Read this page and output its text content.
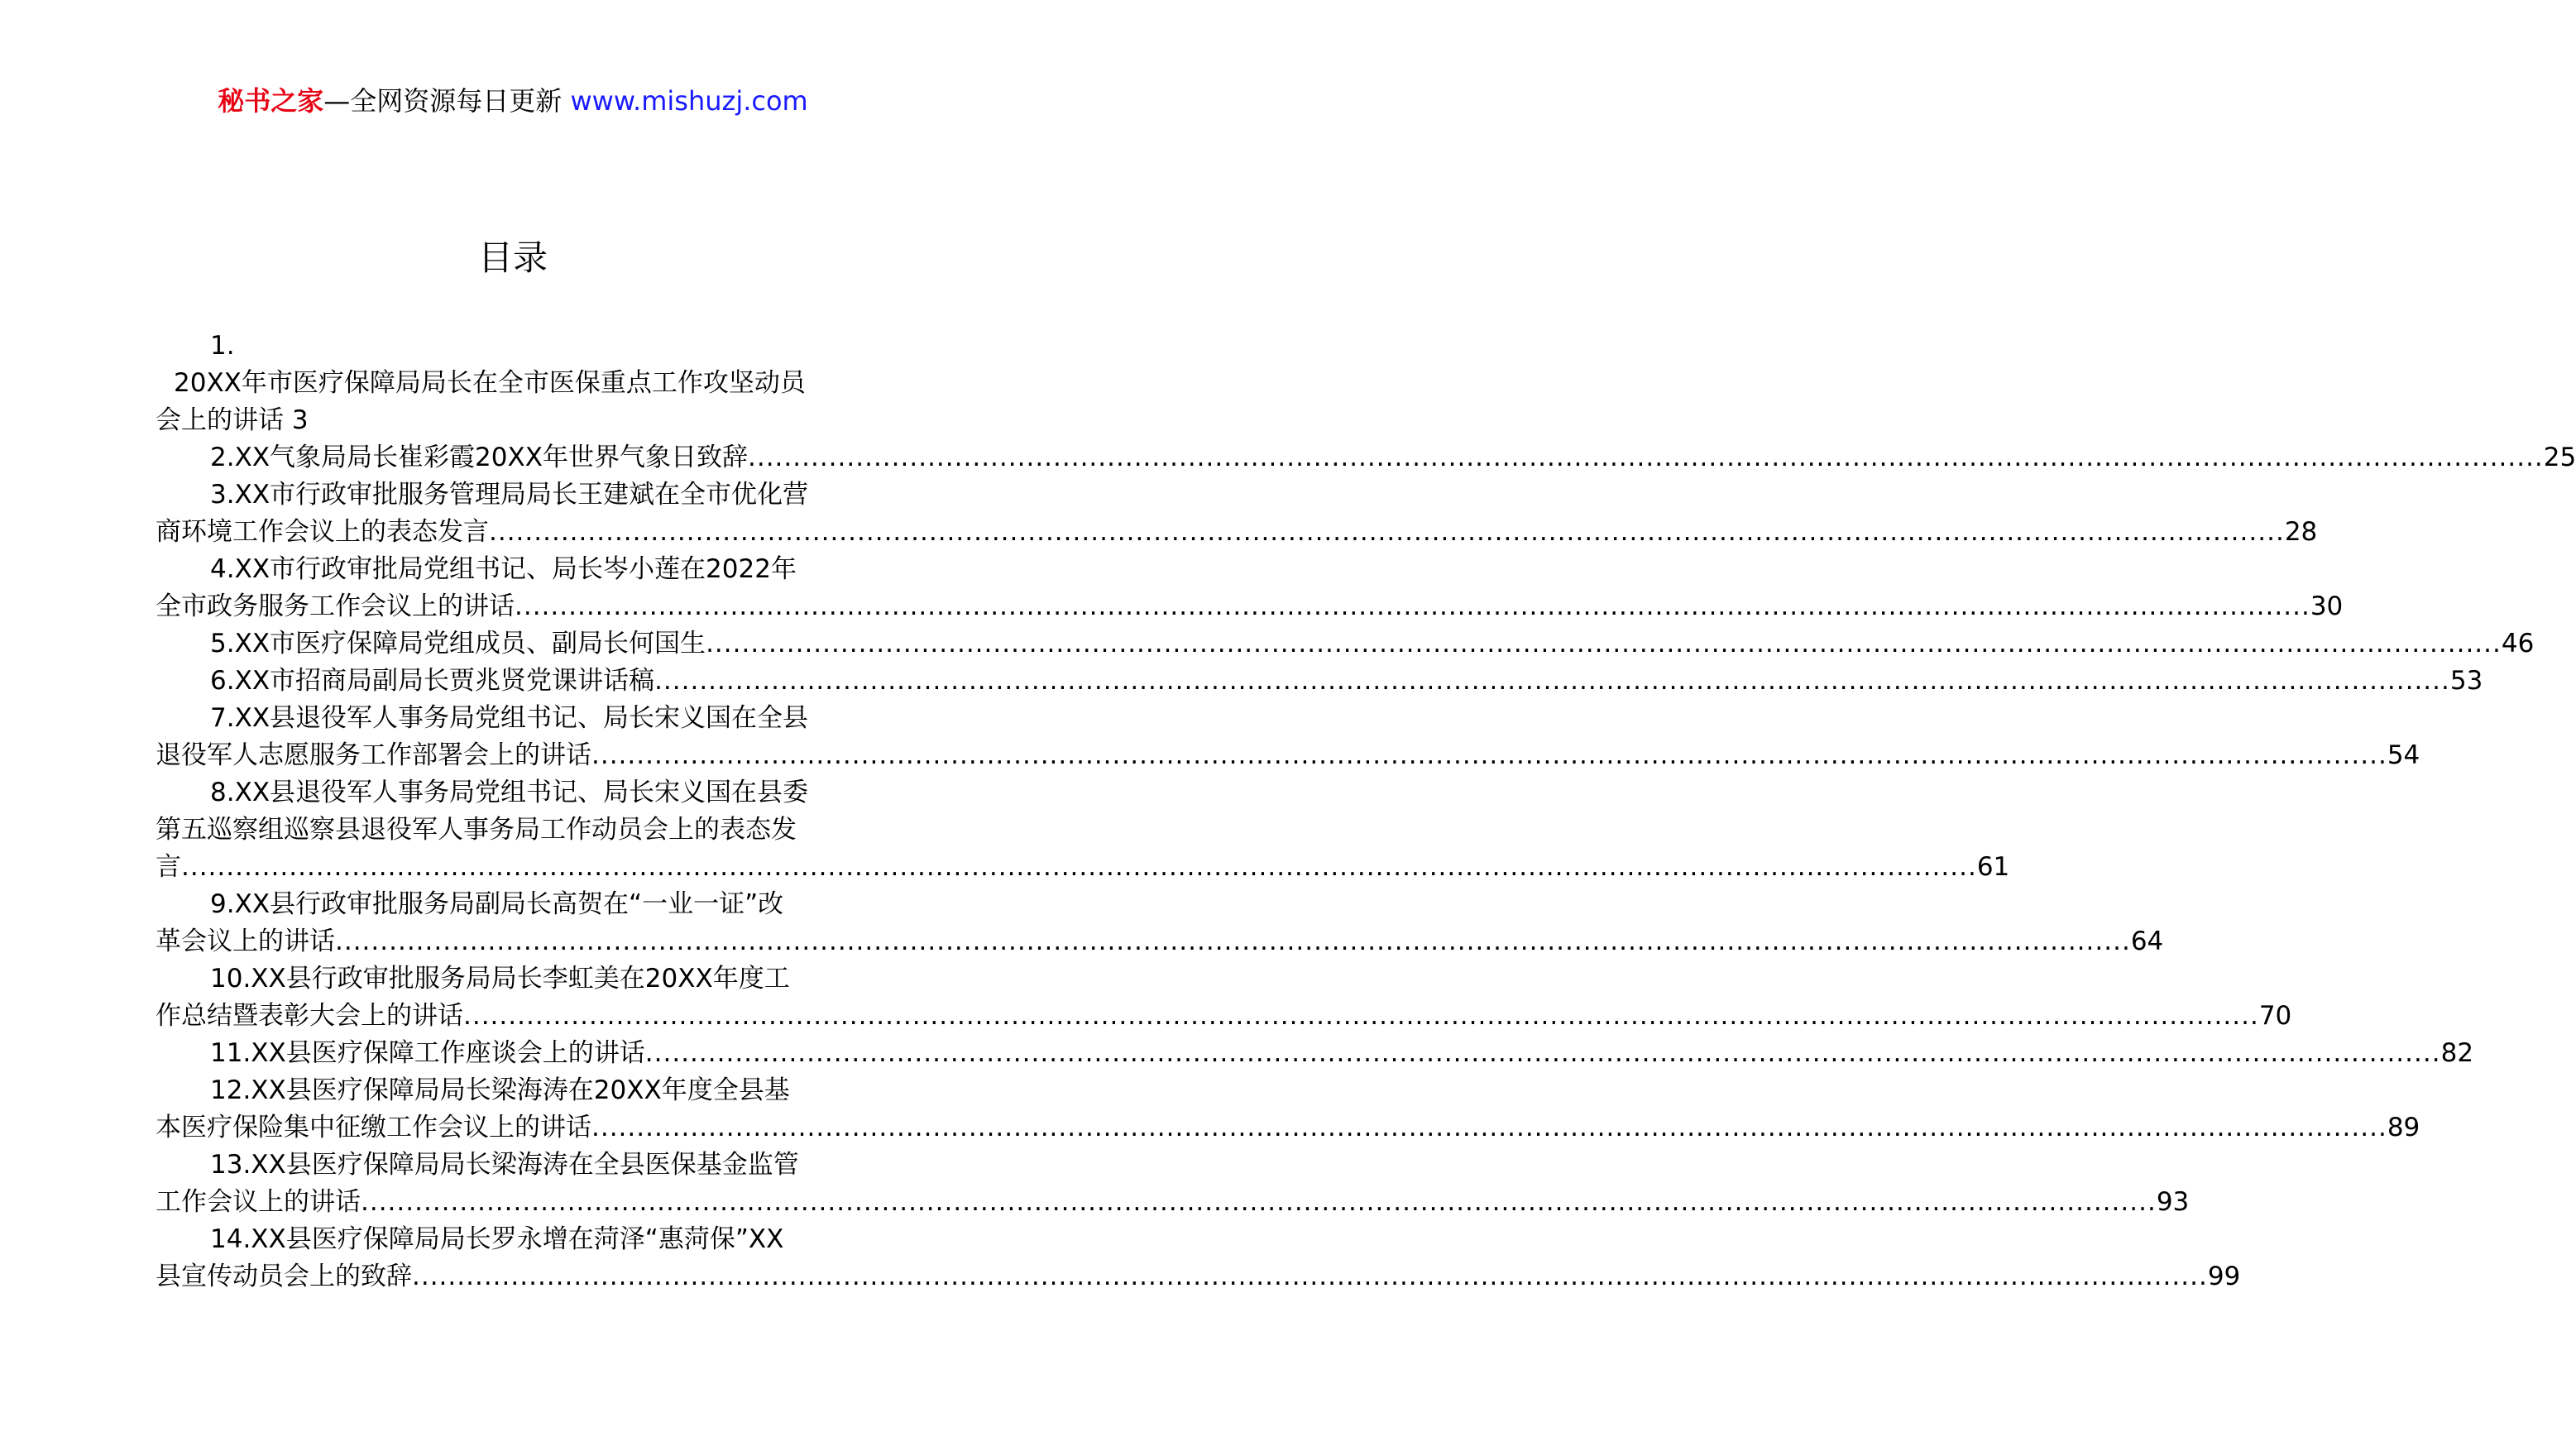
秘书之家—全网资源每日更新 www.mishuzj.com
目录
1.
20XX年市医疗保障局局长在全市医保重点工作攻坚动员
会上的讲话 3
2.XX气象局局长崔彩霞20XX年世界气象日致辞 ........................................................................................................................................................................................................ 25
3.XX市行政审批服务管理局局长王建斌在全市优化营
商环境工作会议上的表态发言 ........................................................................................................................................................................................................ 28
4.XX市行政审批局党组书记、局长岑小莲在2022年
全市政务服务工作会议上的讲话 ........................................................................................................................................................................................................ 30
5.XX市医疗保障局党组成员、副局长何国生 ........................................................................................................................................................................................................ 46
6.XX市招商局副局长贾兆贤党课讲话稿 ........................................................................................................................................................................................................ 53
7.XX县退役军人事务局党组书记、局长宋义国在全县
退役军人志愿服务工作部署会上的讲话 ........................................................................................................................................................................................................ 54
8.XX县退役军人事务局党组书记、局长宋义国在县委
第五巡察组巡察县退役军人事务局工作动员会上的表态发
言 ........................................................................................................................................................................................................ 61
9.XX县行政审批服务局副局长高贺在“一业一证”改
革会议上的讲话 ........................................................................................................................................................................................................ 64
10.XX县行政审批服务局局长李虹美在20XX年度工
作总结暨表彰大会上的讲话 ........................................................................................................................................................................................................ 70
11.XX县医疗保障工作座谈会上的讲话 ........................................................................................................................................................................................................ 82
12.XX县医疗保障局局长梁海涛在20XX年度全县基
本医疗保险集中征缴工作会议上的讲话 ........................................................................................................................................................................................................ 89
13.XX县医疗保障局局长梁海涛在全县医保基金监管
工作会议上的讲话 ........................................................................................................................................................................................................ 93
14.XX县医疗保障局局长罗永增在菏泽“惠菏保”XX
县宣传动员会上的致辞 ........................................................................................................................................................................................................ 99
